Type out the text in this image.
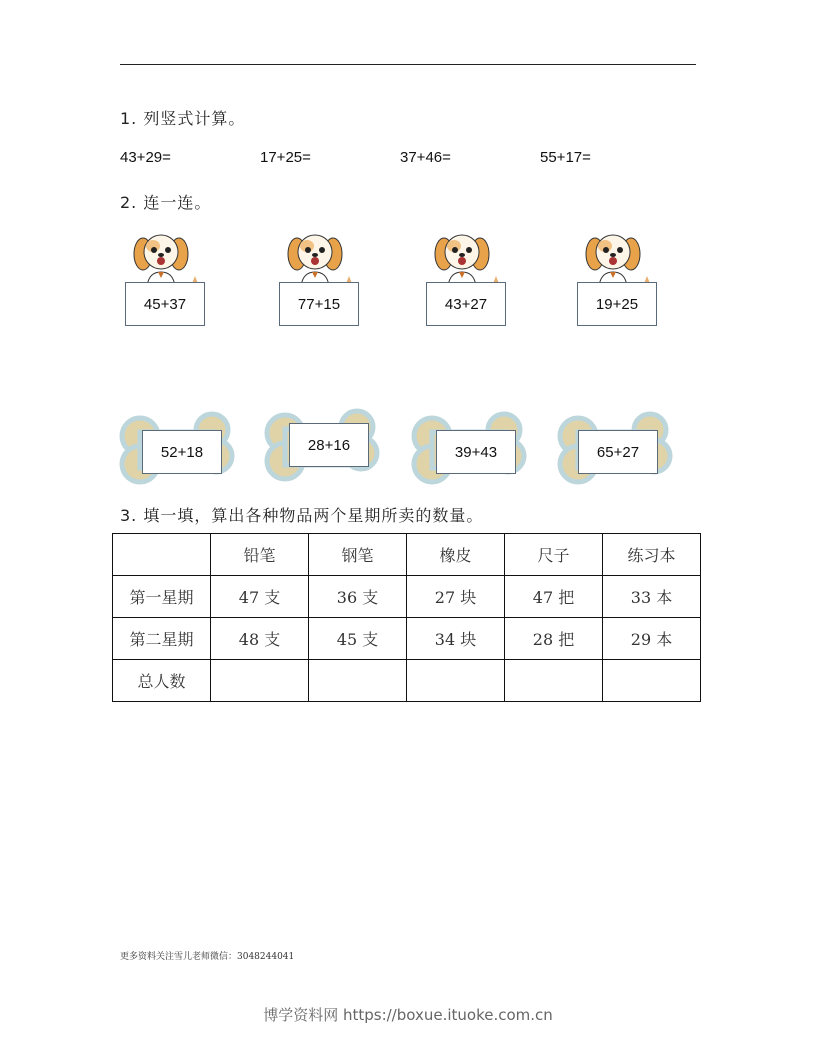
1. 列竖式计算。
43+29=	17+25=	37+46=	55+17=
2. 连一连。
45+37	77+15	43+27	19+25
52+18	28+16	39+43	65+27
3. 填一填，算出各种物品两个星期所卖的数量。
	铅笔	钢笔	橡皮	尺子	练习本
第一星期	47 支	36 支	27 块	47 把	33 本
第二星期	48 支	45 支	34 块	28 把	29 本
总人数					
更多资料关注雪儿老师微信：3048244041
博学资料网 https://boxue.ituoke.com.cn
